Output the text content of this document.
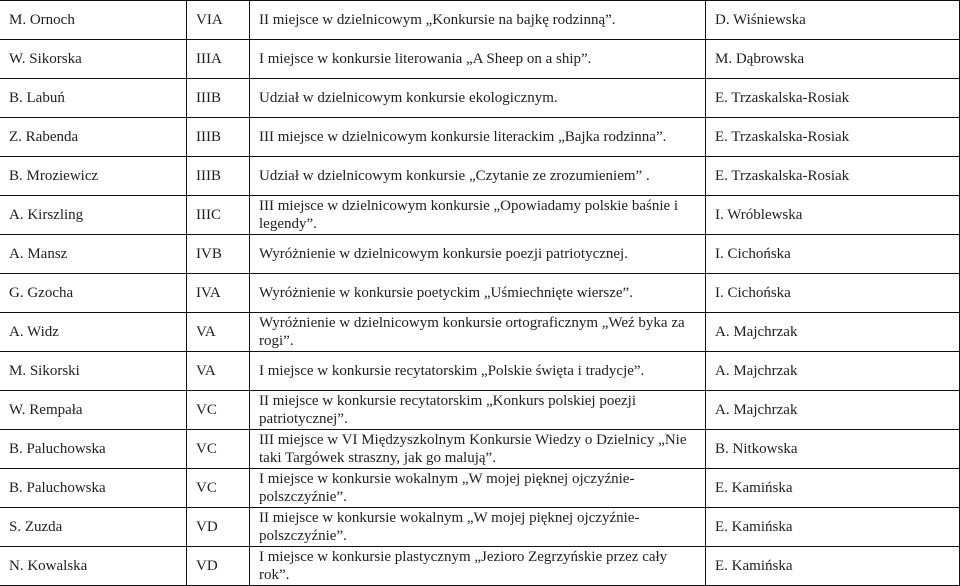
M. Ornoch	VIA	II miejsce w dzielnicowym „Konkursie na bajkę rodzinną”.	D. Wiśniewska
W. Sikorska	IIIA	I miejsce w konkursie literowania „A Sheep on a ship”.	M. Dąbrowska
B. Labuń	IIIB	Udział w dzielnicowym konkursie ekologicznym.	E. Trzaskalska-Rosiak
Z. Rabenda	IIIB	III miejsce w dzielnicowym konkursie literackim „Bajka rodzinna”.	E. Trzaskalska-Rosiak
B. Mroziewicz	IIIB	Udział w dzielnicowym konkursie „Czytanie ze zrozumieniem” .	E. Trzaskalska-Rosiak
A. Kirszling	IIIC	III miejsce w dzielnicowym konkursie „Opowiadamy polskie baśnie i legendy”.	I. Wróblewska
A. Mansz	IVB	Wyróżnienie w dzielnicowym konkursie poezji patriotycznej.	I. Cichońska
G. Gzocha	IVA	Wyróżnienie w konkursie poetyckim „Uśmiechnięte wiersze”.	I. Cichońska
A. Widz	VA	Wyróżnienie w dzielnicowym konkursie ortograficznym „Weź byka za rogi”.	A. Majchrzak
M. Sikorski	VA	I miejsce w konkursie recytatorskim „Polskie święta i tradycje”.	A. Majchrzak
W. Rempała	VC	II miejsce w konkursie recytatorskim „Konkurs polskiej poezji patriotycznej”.	A. Majchrzak
B. Paluchowska	VC	III miejsce w VI Międzyszkolnym Konkursie Wiedzy o Dzielnicy „Nie taki Targówek straszny, jak go malują”.	B. Nitkowska
B. Paluchowska	VC	I miejsce w konkursie wokalnym „W mojej pięknej ojczyźnie-polszczyźnie”.	E. Kamińska
S. Zuzda	VD	II miejsce w konkursie wokalnym „W mojej pięknej ojczyźnie-polszczyźnie”.	E. Kamińska
N. Kowalska	VD	I miejsce w konkursie plastycznym „Jezioro Zegrzyńskie przez cały rok”.	E. Kamińska
